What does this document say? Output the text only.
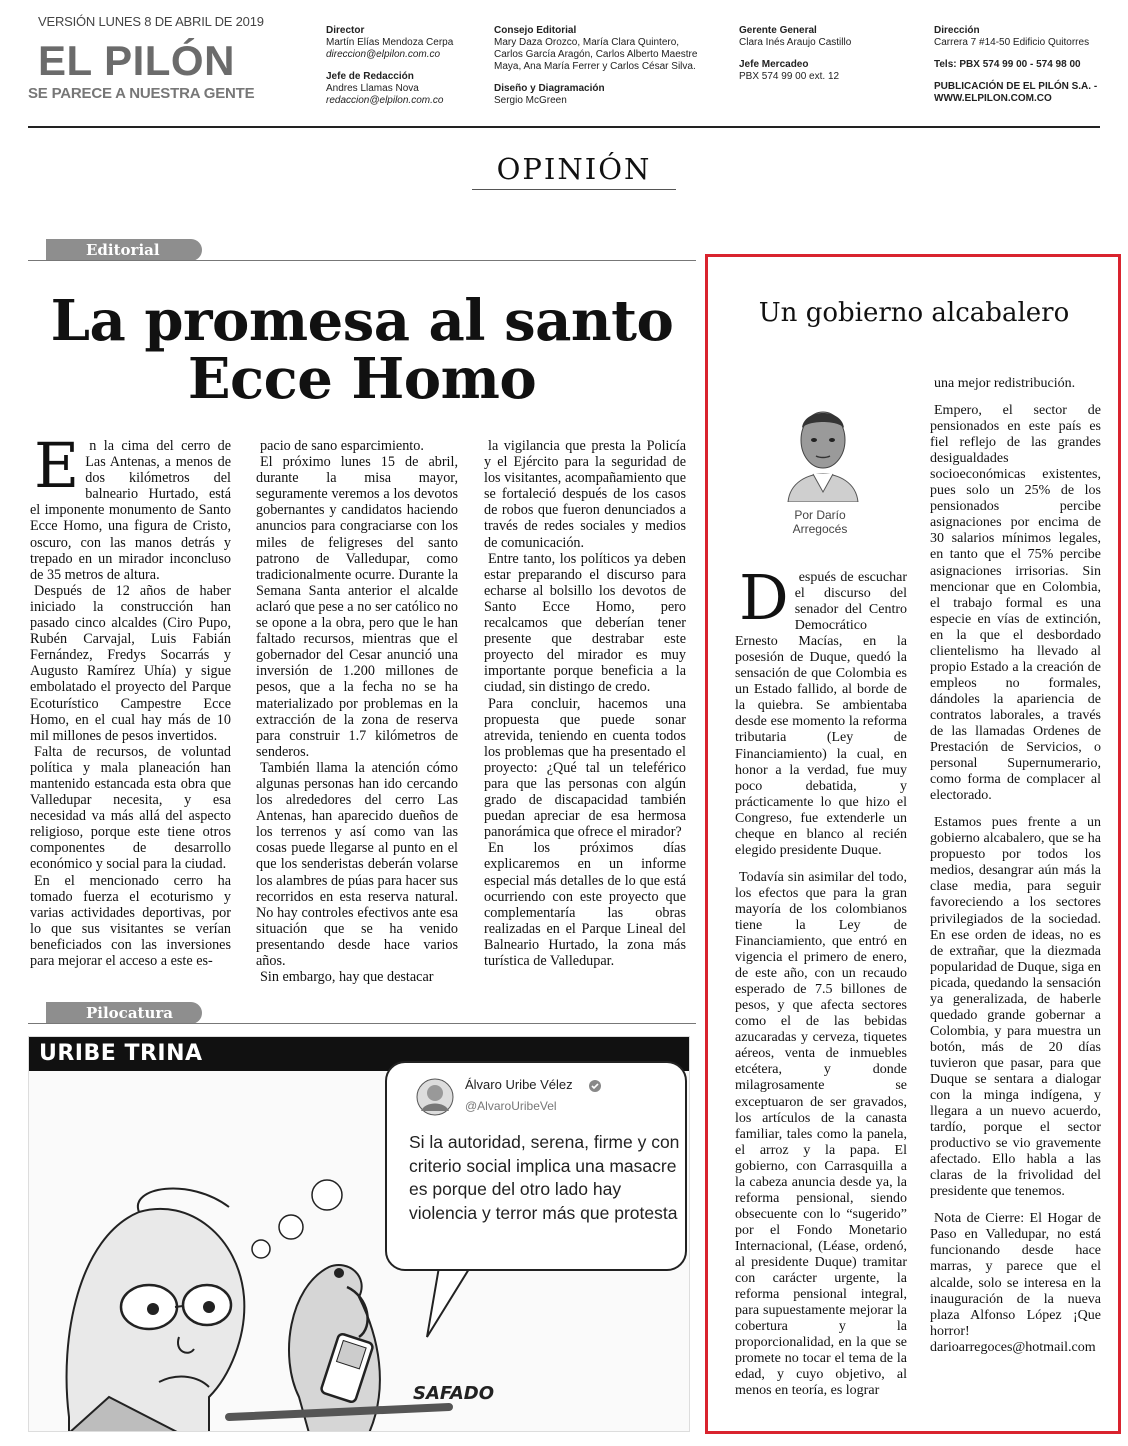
VERSIÓN LUNES 8 DE ABRIL DE 2019
EL PILÓN
SE PARECE A NUESTRA GENTE
Director
Martín Elías Mendoza Cerpa
direccion@elpilon.com.co
Jefe de Redacción
Andres Llamas Nova
redaccion@elpilon.com.co
Consejo Editorial
Mary Daza Orozco, María Clara Quintero,
Carlos García Aragón, Carlos Alberto Maestre
Maya, Ana María Ferrer y Carlos César Silva.
Diseño y Diagramación
Sergio McGreen
Gerente General
Clara Inés Araujo Castillo
Jefe Mercadeo
PBX 574 99 00 ext. 12
Dirección
Carrera 7 #14-50 Edificio Quitorres
Tels: PBX 574 99 00 - 574 98 00
PUBLICACIÓN DE EL PILÓN S.A. -
WWW.ELPILON.COM.CO
OPINIÓN
Editorial
La promesa al santo
Ecce Homo

En la cima del cerro de Las Antenas, a menos de dos kilómetros del balneario Hurtado, está el imponente monumento de Santo Ecce Homo, una figura de Cristo, oscuro, con las manos detrás y trepado en un mirador inconcluso de 35 metros de altura.

Después de 12 años de haber iniciado la construcción han pasado cinco alcaldes (Ciro Pupo, Rubén Carvajal, Luis Fabián Fernández, Fredys Socarrás y Augusto Ramírez Uhía) y sigue embolatado el proyecto del Parque Ecoturístico Campestre Ecce Homo, en el cual hay más de 10 mil millones de pesos invertidos.

Falta de recursos, de voluntad política y mala planeación han mantenido estancada esta obra que Valledupar necesita, y esa necesidad va más allá del aspecto religioso, porque este tiene otros componentes de desarrollo económico y social para la ciudad.

En el mencionado cerro ha tomado fuerza el ecoturismo y varias actividades deportivas, por lo que sus visitantes se verían beneficiados con las inversiones para mejorar el acceso a este es-

pacio de sano esparcimiento.

El próximo lunes 15 de abril, durante la misa mayor, seguramente veremos a los devotos gobernantes y candidatos haciendo anuncios para congraciarse con los miles de feligreses del santo patrono de Valledupar, como tradicionalmente ocurre. Durante la Semana Santa anterior el alcalde aclaró que pese a no ser católico no se opone a la obra, pero que le han faltado recursos, mientras que el gobernador del Cesar anunció una inversión de 1.200 millones de pesos, que a la fecha no se ha materializado por problemas en la extracción de la zona de reserva para construir 1.7 kilómetros de senderos.

También llama la atención cómo algunas personas han ido cercando los alrededores del cerro Las Antenas, han aparecido dueños de los terrenos y así como van las cosas puede llegarse al punto en el que los senderistas deberán volarse los alambres de púas para hacer sus recorridos en esta reserva natural. No hay controles efectivos ante esa situación que se ha venido presentando desde hace varios años.

Sin embargo, hay que destacar

la vigilancia que presta la Policía y el Ejército para la seguridad de los visitantes, acompañamiento que se fortaleció después de los casos de robos que fueron denunciados a través de redes sociales y medios de comunicación.

Entre tanto, los políticos ya deben estar preparando el discurso para echarse al bolsillo los devotos de Santo Ecce Homo, pero recalcamos que deberían tener presente que destrabar este proyecto del mirador es muy importante porque beneficia a la ciudad, sin distingo de credo.

Para concluir, hacemos una propuesta que puede sonar atrevida, teniendo en cuenta todos los problemas que ha presentado el proyecto: ¿Qué tal un teleférico para que las personas con algún grado de discapacidad también puedan apreciar de esa hermosa panorámica que ofrece el mirador?

En los próximos días explicaremos en un informe especial más detalles de lo que está ocurriendo con este proyecto que complementaría las obras realizadas en el Parque Lineal del Balneario Hurtado, la zona más turística de Valledupar.

Pilocatura
URIBE TRINA
Álvaro Uribe Vélez
@AlvaroUribeVel
Si la autoridad, serena, firme y con criterio social implica una masacre es porque del otro lado hay violencia y terror más que protesta
SAFADO
Un gobierno alcabalero
Por Darío
Arregocés

Después de escuchar el discurso del senador del Centro Democrático Ernesto Macías, en la posesión de Duque, quedó la sensación de que Colombia es un Estado fallido, al borde de la quiebra. Se ambientaba desde ese momento la reforma tributaria (Ley de Financiamiento) la cual, en honor a la verdad, fue muy poco debatida, y prácticamente lo que hizo el Congreso, fue extenderle un cheque en blanco al recién elegido presidente Duque.

Todavía sin asimilar del todo, los efectos que para la gran mayoría de los colombianos tiene la Ley de Financiamiento, que entró en vigencia el primero de enero, de este año, con un recaudo esperado de 7.5 billones de pesos, y que afecta sectores como el de las bebidas azucaradas y cerveza, tiquetes aéreos, venta de inmuebles etcétera, y donde milagrosamente se exceptuaron de ser gravados, los artículos de la canasta familiar, tales como la panela, el arroz y la papa. El gobierno, con Carrasquilla a la cabeza anuncia desde ya, la reforma pensional, siendo obsecuente con lo “sugerido” por el Fondo Monetario Internacional, (Léase, ordenó, al presidente Duque) tramitar con carácter urgente, la reforma pensional integral, para supuestamente mejorar la cobertura y la proporcionalidad, en la que se promete no tocar el tema de la edad, y cuyo objetivo, al menos en teoría, es lograr

una mejor redistribución.

Empero, el sector de pensionados en este país es fiel reflejo de las grandes desigualdades socioeconómicas existentes, pues solo un 25% de los pensionados percibe asignaciones por encima de 30 salarios mínimos legales, en tanto que el 75% percibe asignaciones irrisorias. Sin mencionar que en Colombia, el trabajo formal es una especie en vías de extinción, en la que el desbordado clientelismo ha llevado al propio Estado a la creación de empleos no formales, dándoles la apariencia de contratos laborales, a través de las llamadas Ordenes de Prestación de Servicios, o personal Supernumerario, como forma de complacer al electorado.

Estamos pues frente a un gobierno alcabalero, que se ha propuesto por todos los medios, desangrar aún más la clase media, para seguir favoreciendo a los sectores privilegiados de la sociedad. En ese orden de ideas, no es de extrañar, que la diezmada popularidad de Duque, siga en picada, quedando la sensación ya generalizada, de haberle quedado grande gobernar a Colombia, y para muestra un botón, más de 20 días tuvieron que pasar, para que Duque se sentara a dialogar con la minga indígena, y llegara a un nuevo acuerdo, tardío, porque el sector productivo se vio gravemente afectado. Ello habla a las claras de la frivolidad del presidente que tenemos.

Nota de Cierre: El Hogar de Paso en Valledupar, no está funcionando desde hace marras, y parece que el alcalde, solo se interesa en la inauguración de la nueva plaza Alfonso López ¡Que horror! darioarregoces@hotmail.com
